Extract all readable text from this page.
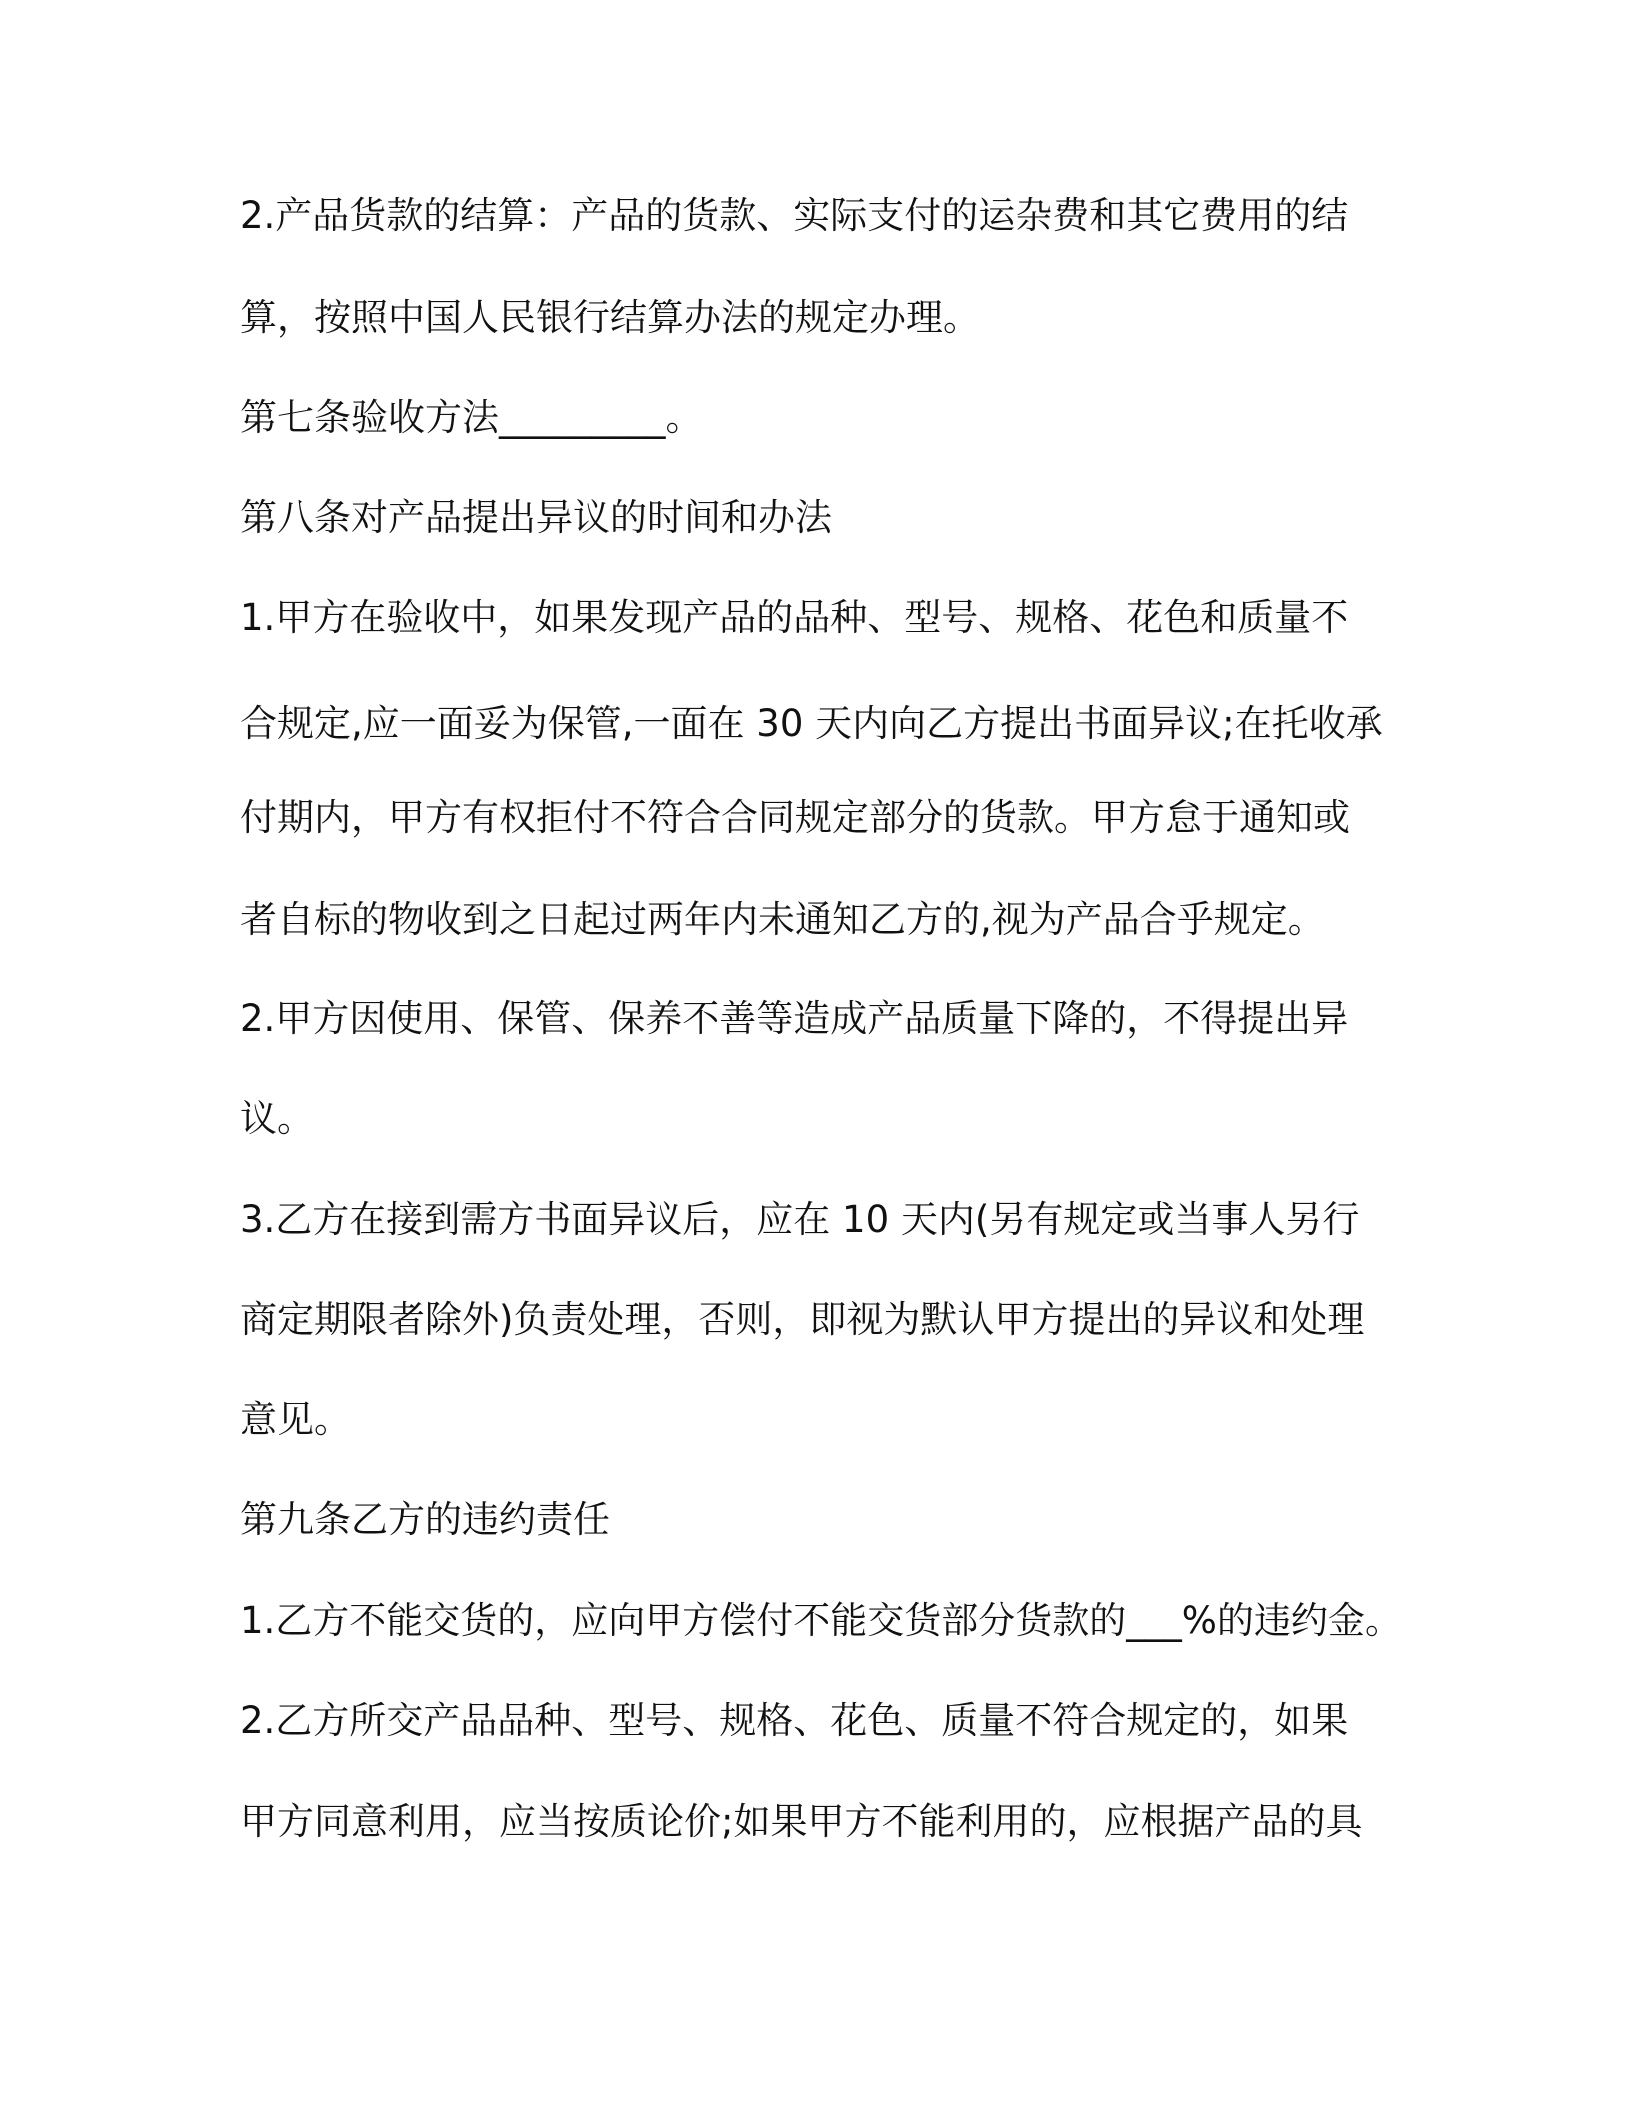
2.产品货款的结算：产品的货款、实际支付的运杂费和其它费用的结
算，按照中国人民银行结算办法的规定办理。
第七条验收方法_________。
第八条对产品提出异议的时间和办法
1.甲方在验收中，如果发现产品的品种、型号、规格、花色和质量不
合规定,应一面妥为保管,一面在 30 天内向乙方提出书面异议;在托收承
付期内，甲方有权拒付不符合合同规定部分的货款。甲方怠于通知或
者自标的物收到之日起过两年内未通知乙方的,视为产品合乎规定。
2.甲方因使用、保管、保养不善等造成产品质量下降的，不得提出异
议。
3.乙方在接到需方书面异议后，应在 10 天内(另有规定或当事人另行
商定期限者除外)负责处理，否则，即视为默认甲方提出的异议和处理
意见。
第九条乙方的违约责任
1.乙方不能交货的，应向甲方偿付不能交货部分货款的___%的违约金。
2.乙方所交产品品种、型号、规格、花色、质量不符合规定的，如果
甲方同意利用，应当按质论价;如果甲方不能利用的，应根据产品的具
